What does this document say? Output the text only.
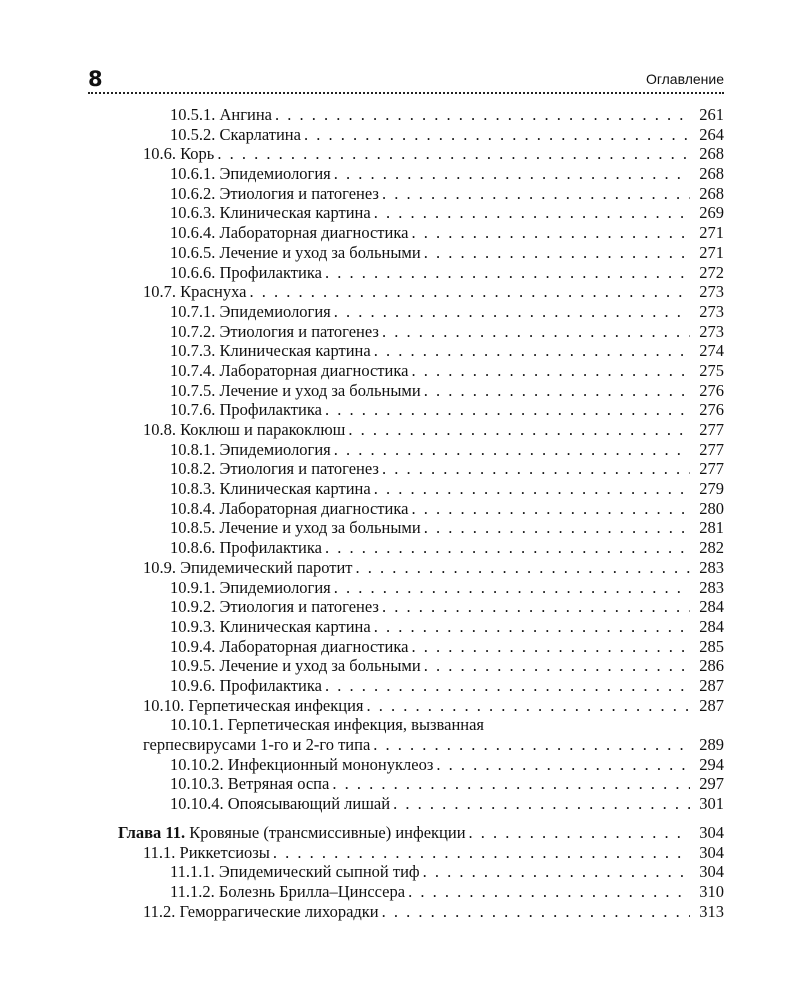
8	Оглавление
10.5.1. Ангина . . .	261
10.5.2. Скарлатина . . .	264
10.6. Корь . . .	268
10.6.1. Эпидемиология . . .	268
10.6.2. Этиология и патогенез . . .	268
10.6.3. Клиническая картина . . .	269
10.6.4. Лабораторная диагностика . . .	271
10.6.5. Лечение и уход за больными . . .	271
10.6.6. Профилактика . . .	272
10.7. Краснуха . . .	273
10.7.1. Эпидемиология . . .	273
10.7.2. Этиология и патогенез . . .	273
10.7.3. Клиническая картина . . .	274
10.7.4. Лабораторная диагностика . . .	275
10.7.5. Лечение и уход за больными . . .	276
10.7.6. Профилактика . . .	276
10.8. Коклюш и паракоклюш . . .	277
10.8.1. Эпидемиология . . .	277
10.8.2. Этиология и патогенез . . .	277
10.8.3. Клиническая картина . . .	279
10.8.4. Лабораторная диагностика . . .	280
10.8.5. Лечение и уход за больными . . .	281
10.8.6. Профилактика . . .	282
10.9. Эпидемический паротит . . .	283
10.9.1. Эпидемиология . . .	283
10.9.2. Этиология и патогенез . . .	284
10.9.3. Клиническая картина . . .	284
10.9.4. Лабораторная диагностика . . .	285
10.9.5. Лечение и уход за больными . . .	286
10.9.6. Профилактика . . .	287
10.10. Герпетическая инфекция . . .	287
10.10.1. Герпетическая инфекция, вызванная
герпесвирусами 1-го и 2-го типа . . .	289
10.10.2. Инфекционный мононуклеоз . . .	294
10.10.3. Ветряная оспа . . .	297
10.10.4. Опоясывающий лишай . . .	301
Глава 11. Кровяные (трансмиссивные) инфекции . . .	304
11.1. Риккетсиозы . . .	304
11.1.1. Эпидемический сыпной тиф . . .	304
11.1.2. Болезнь Брилла–Цинссера . . .	310
11.2. Геморрагические лихорадки . . .	313
